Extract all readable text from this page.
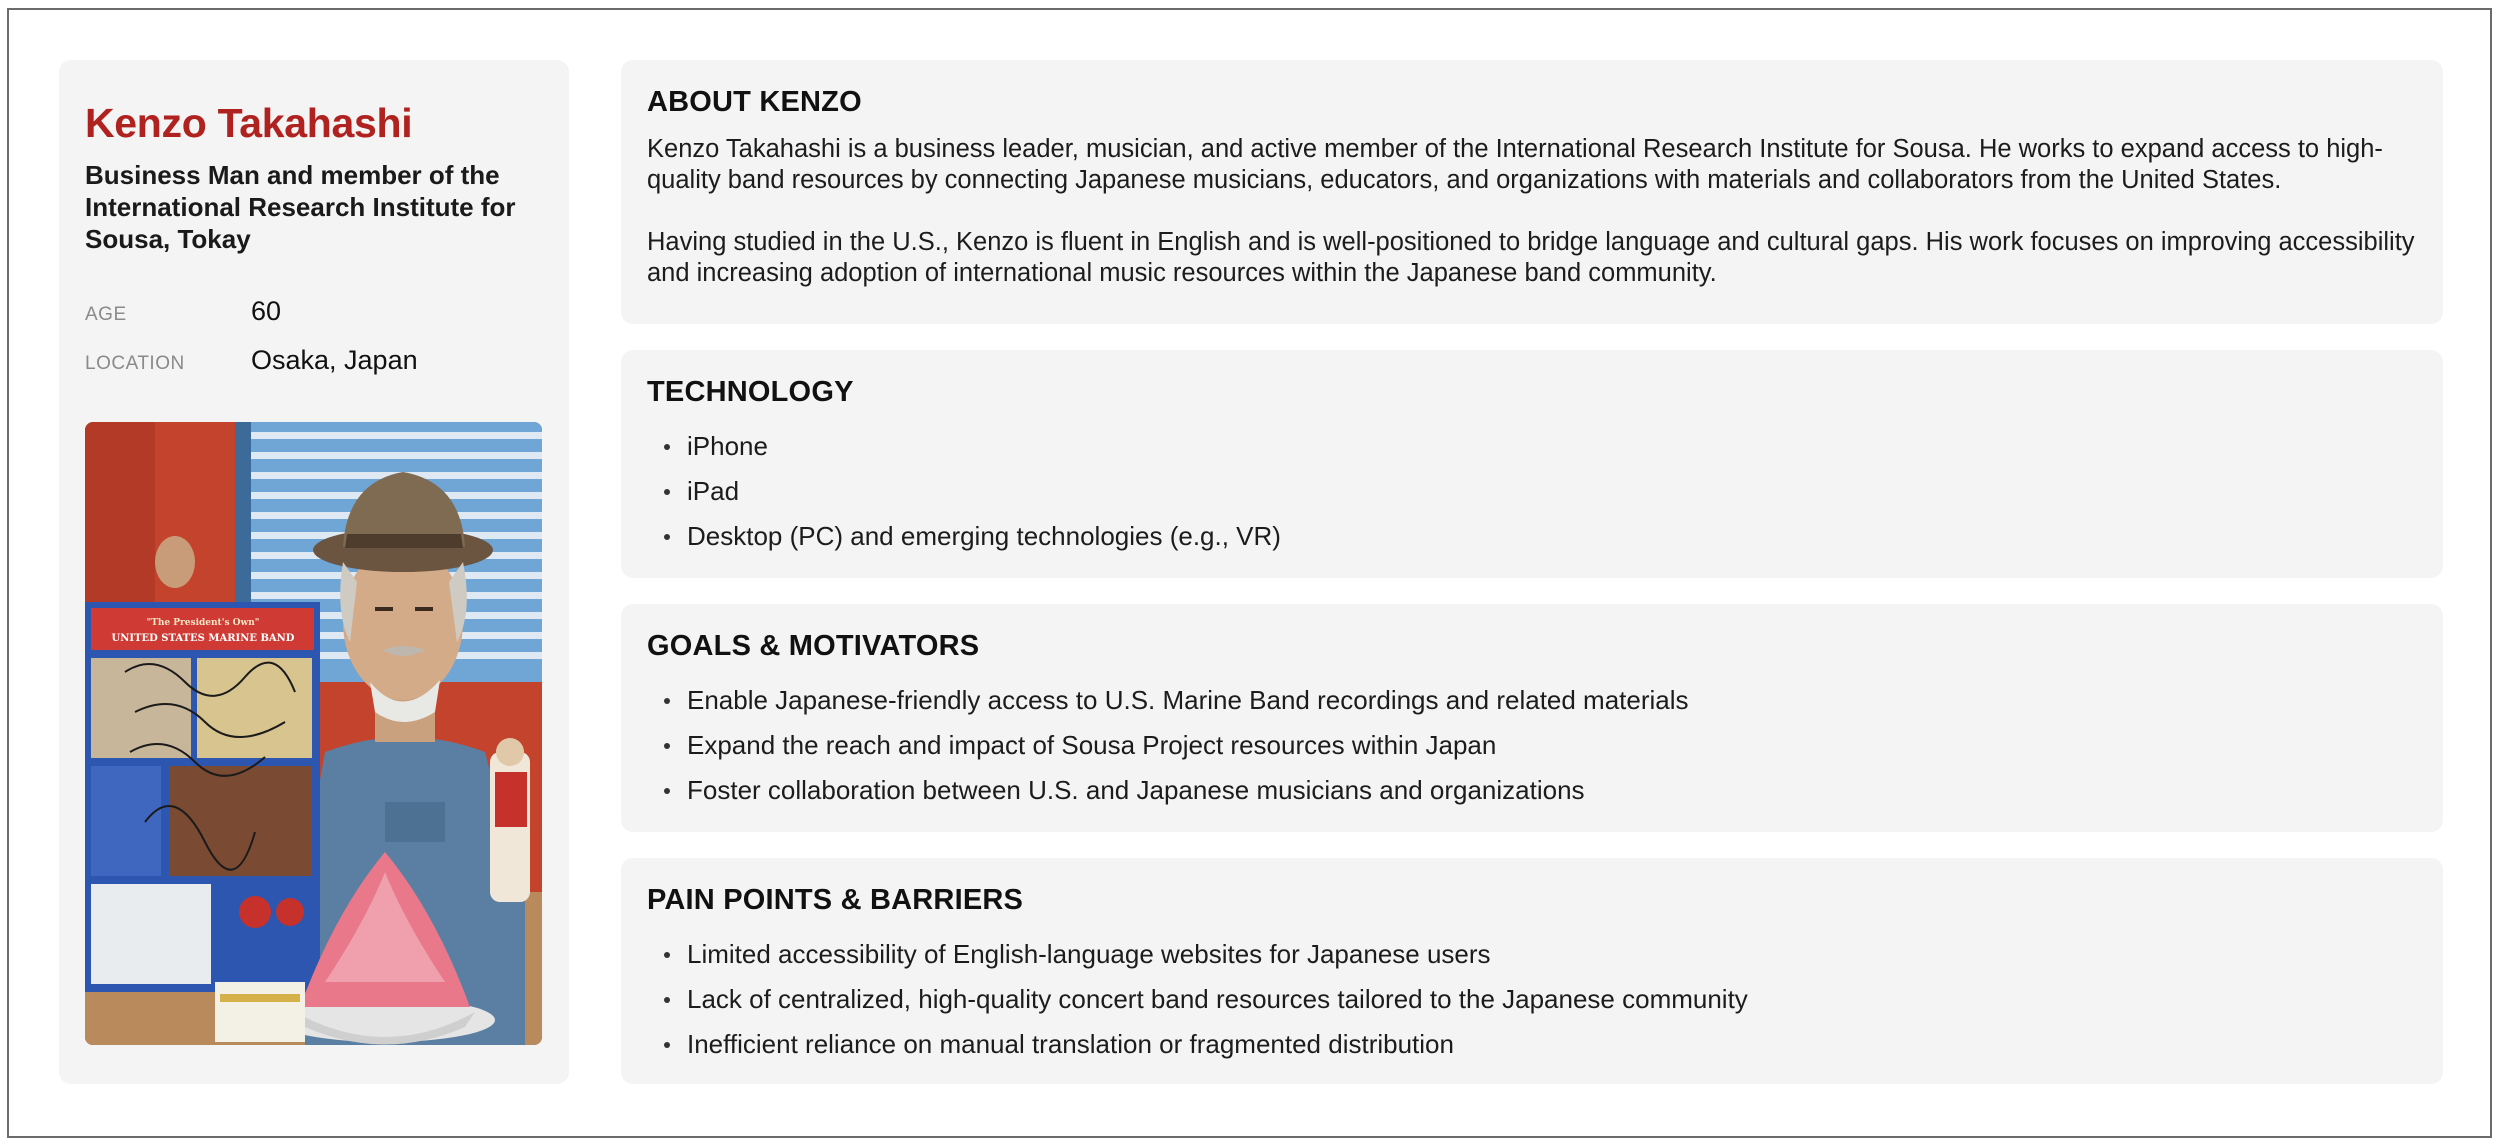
Kenzo Takahashi
Business Man and member of the International Research Institute for Sousa, Tokay
AGE	60
LOCATION	Osaka, Japan
"The President's Own"
UNITED STATES MARINE BAND
ABOUT KENZO

Kenzo Takahashi is a business leader, musician, and active member of the International Research Institute for Sousa. He works to expand access to high-quality band resources by connecting Japanese musicians, educators, and organizations with materials and collaborators from the United States.

Having studied in the U.S., Kenzo is fluent in English and is well-positioned to bridge language and cultural gaps. His work focuses on improving accessibility and increasing adoption of international music resources within the Japanese band community.

TECHNOLOGY
iPhone
iPad
Desktop (PC) and emerging technologies (e.g., VR)
GOALS & MOTIVATORS
Enable Japanese-friendly access to U.S. Marine Band recordings and related materials
Expand the reach and impact of Sousa Project resources within Japan
Foster collaboration between U.S. and Japanese musicians and organizations
PAIN POINTS & BARRIERS
Limited accessibility of English-language websites for Japanese users
Lack of centralized, high-quality concert band resources tailored to the Japanese community
Inefficient reliance on manual translation or fragmented distribution
